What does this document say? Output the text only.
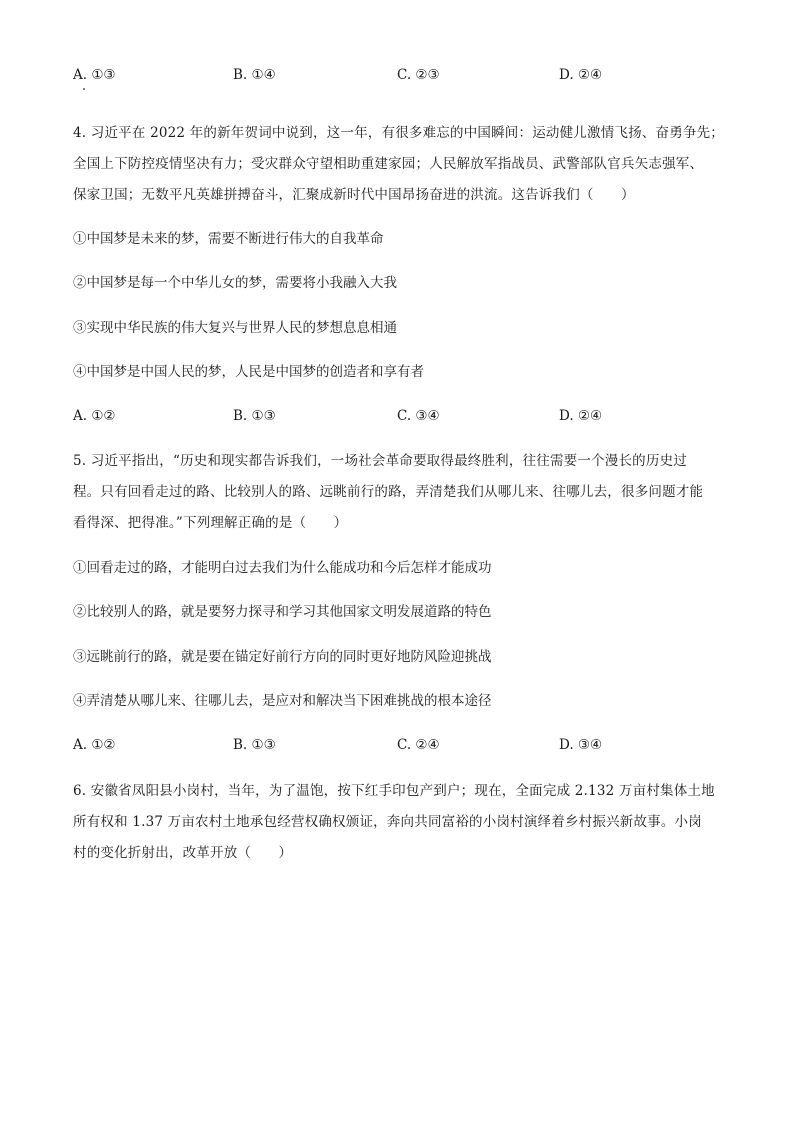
A. ①③	B. ①④	C. ②③	D. ②④
4. 习近平在 2022 年的新年贺词中说到，这一年，有很多难忘的中国瞬间：运动健儿激情飞扬、奋勇争先；
全国上下防控疫情坚决有力；受灾群众守望相助重建家园；人民解放军指战员、武警部队官兵矢志强军、
保家卫国；无数平凡英雄拼搏奋斗，汇聚成新时代中国昂扬奋进的洪流。这告诉我们（　　）
①中国梦是未来的梦，需要不断进行伟大的自我革命
②中国梦是每一个中华儿女的梦，需要将小我融入大我
③实现中华民族的伟大复兴与世界人民的梦想息息相通
④中国梦是中国人民的梦，人民是中国梦的创造者和享有者
A. ①②	B. ①③	C. ③④	D. ②④
5. 习近平指出，“历史和现实都告诉我们，一场社会革命要取得最终胜利，往往需要一个漫长的历史过
程。只有回看走过的路、比较别人的路、远眺前行的路，弄清楚我们从哪儿来、往哪儿去，很多问题才能
看得深、把得准。”下列理解正确的是（　　）
①回看走过的路，才能明白过去我们为什么能成功和今后怎样才能成功
②比较别人的路，就是要努力探寻和学习其他国家文明发展道路的特色
③远眺前行的路，就是要在锚定好前行方向的同时更好地防风险迎挑战
④弄清楚从哪儿来、往哪儿去，是应对和解决当下困难挑战的根本途径
A. ①②	B. ①③	C. ②④	D. ③④
6. 安徽省凤阳县小岗村，当年，为了温饱，按下红手印包产到户；现在，全面完成 2.132 万亩村集体土地
所有权和 1.37 万亩农村土地承包经营权确权颁证，奔向共同富裕的小岗村演绎着乡村振兴新故事。小岗
村的变化折射出，改革开放（　　）
